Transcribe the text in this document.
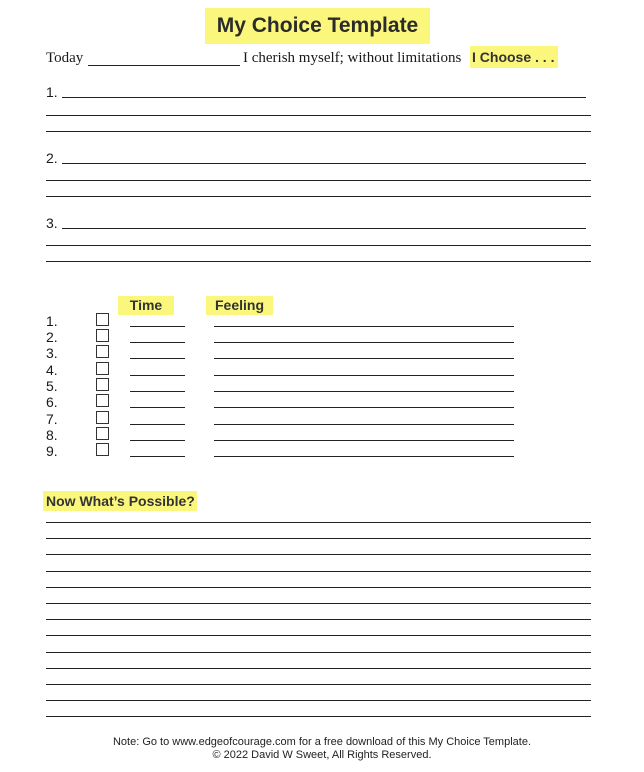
My Choice Template
Today	I cherish myself; without limitations I Choose . . .
1.
2.
3.
Time	Feeling
1.
2.
3.
4.
5.
6.
7.
8.
9.
Now What’s Possible?
Note: Go to www.edgeofcourage.com for a free download of this My Choice Template.
© 2022 David W Sweet, All Rights Reserved.
